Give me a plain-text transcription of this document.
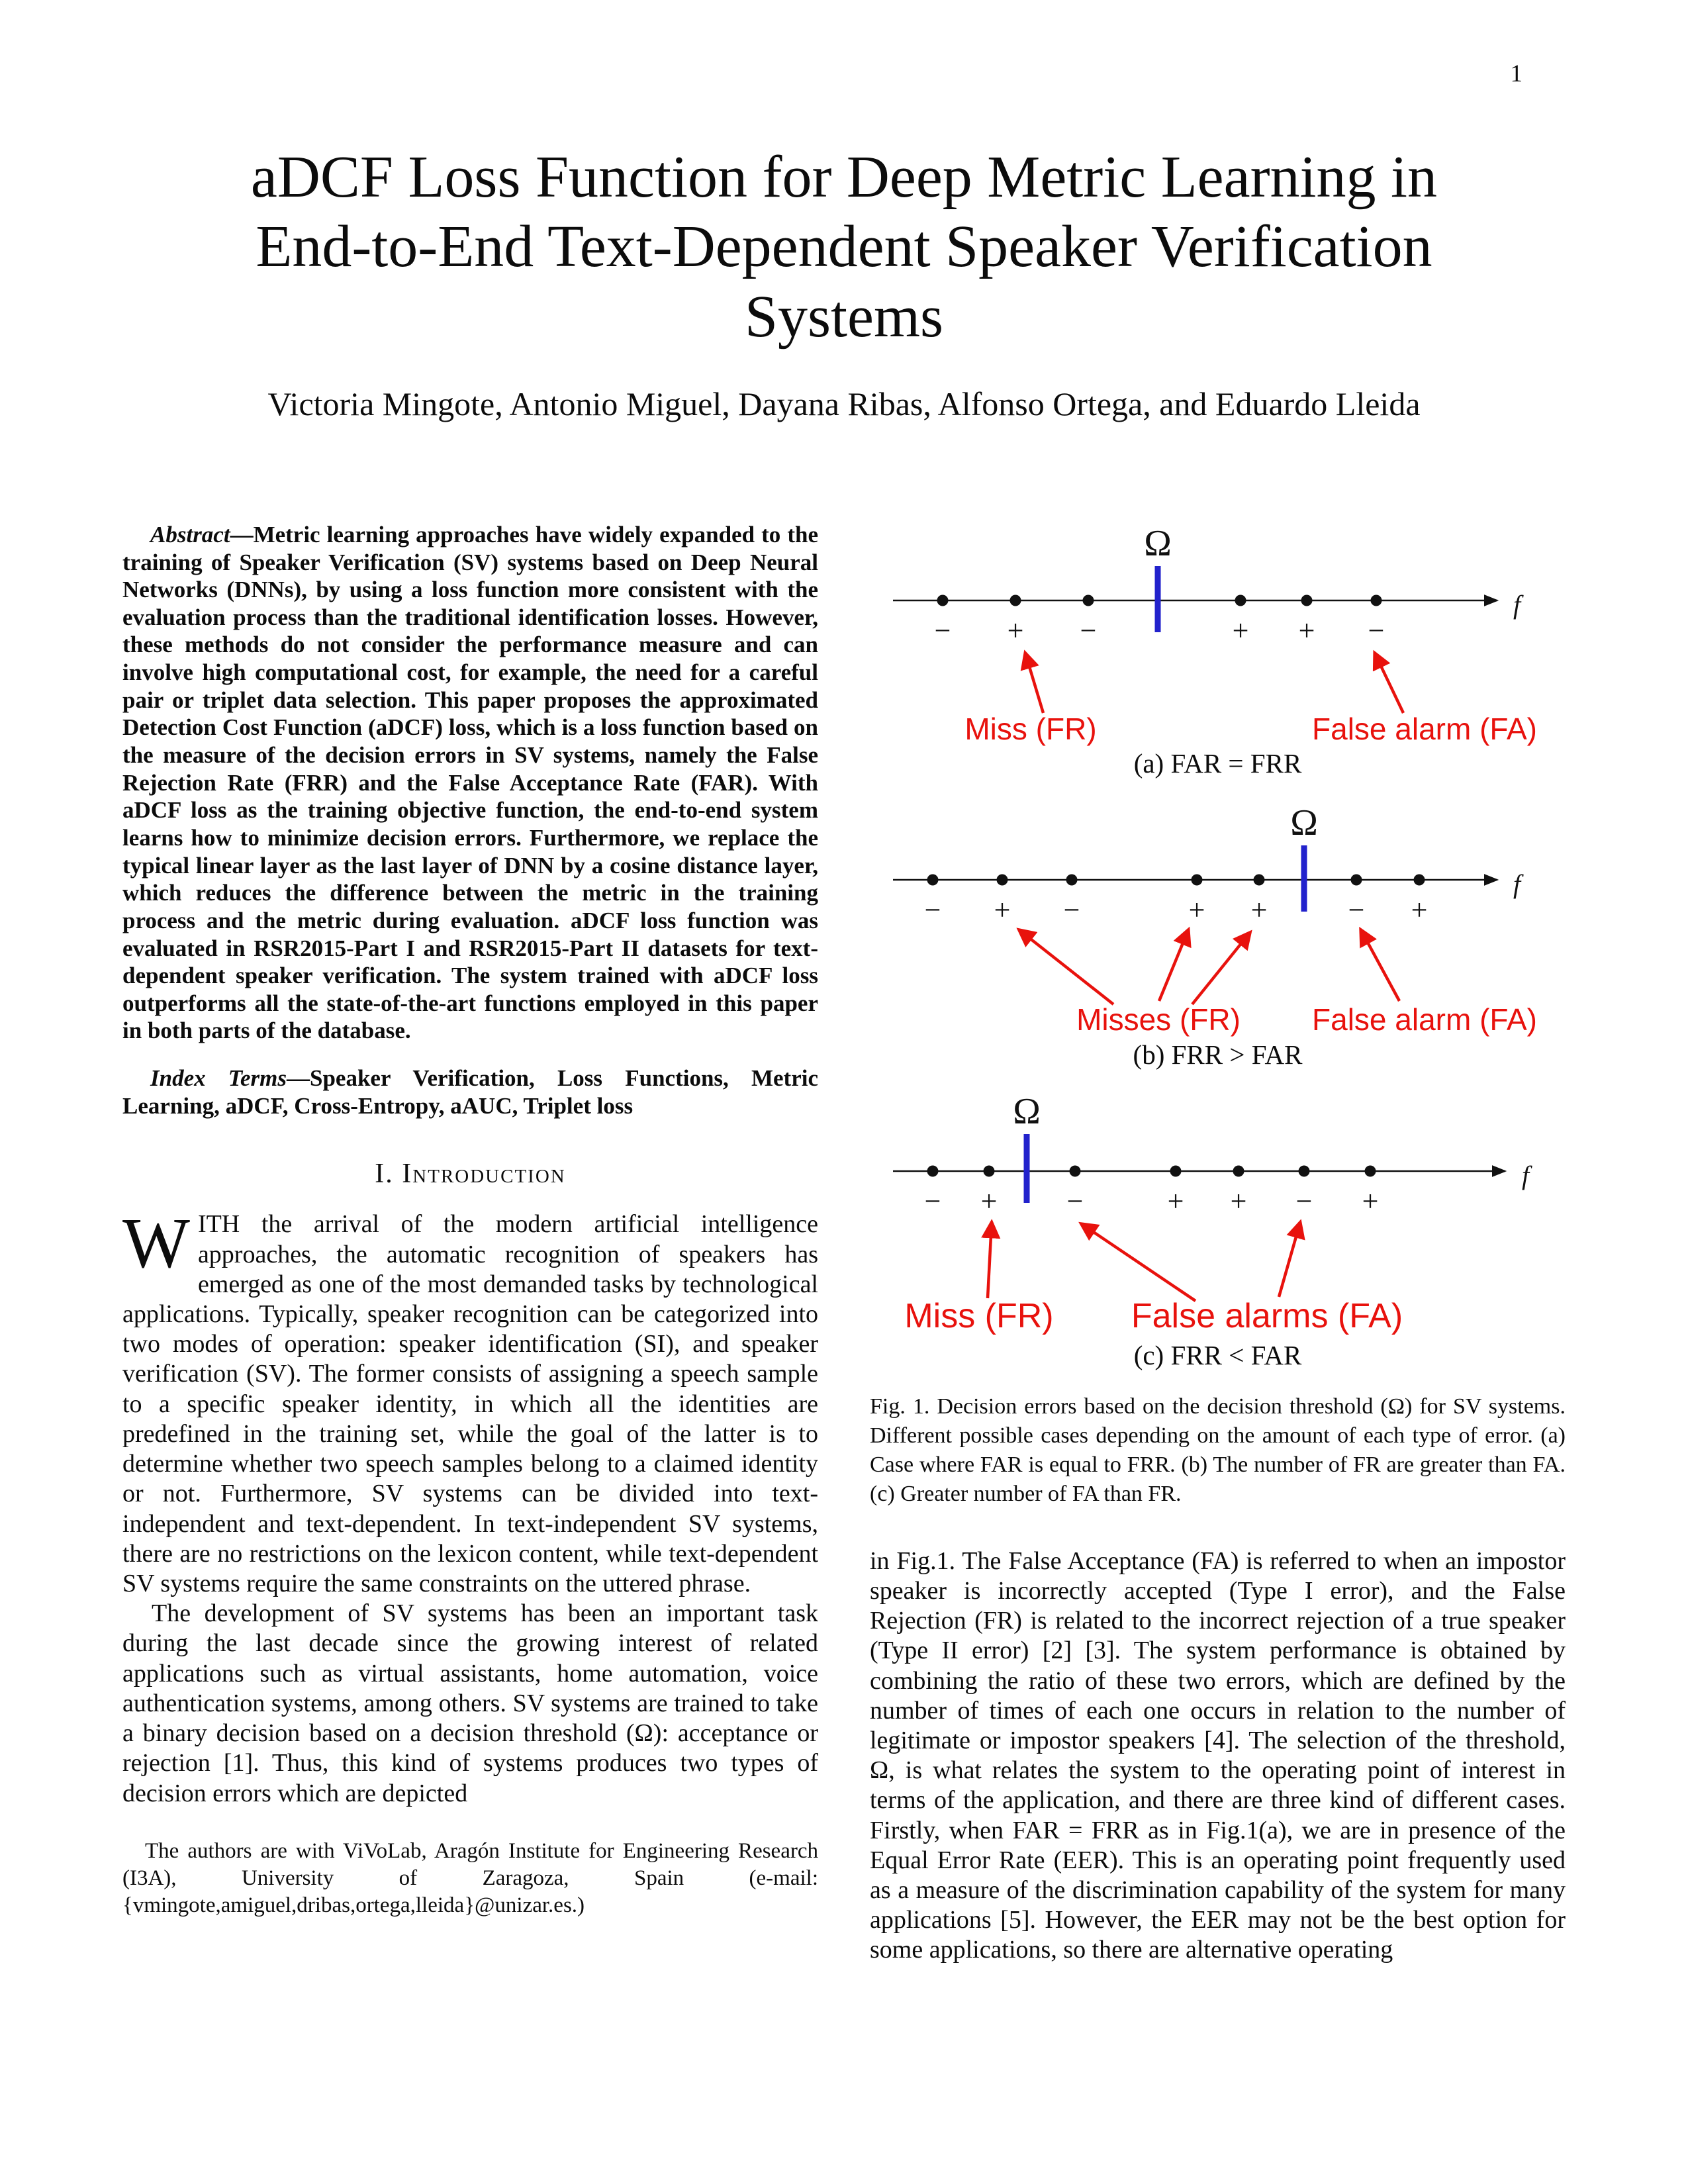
1
aDCF Loss Function for Deep Metric Learning in
End-to-End Text-Dependent Speaker Verification
Systems
Victoria Mingote, Antonio Miguel, Dayana Ribas, Alfonso Ortega, and Eduardo Lleida

Abstract—Metric learning approaches have widely expanded to the training of Speaker Verification (SV) systems based on Deep Neural Networks (DNNs), by using a loss function more consistent with the evaluation process than the traditional identification losses. However, these methods do not consider the performance measure and can involve high computational cost, for example, the need for a careful pair or triplet data selection. This paper proposes the approximated Detection Cost Function (aDCF) loss, which is a loss function based on the measure of the decision errors in SV systems, namely the False Rejection Rate (FRR) and the False Acceptance Rate (FAR). With aDCF loss as the training objective function, the end-to-end system learns how to minimize decision errors. Furthermore, we replace the typical linear layer as the last layer of DNN by a cosine distance layer, which reduces the difference between the metric in the training process and the metric during evaluation. aDCF loss function was evaluated in RSR2015-Part I and RSR2015-Part II datasets for text-dependent speaker verification. The system trained with aDCF loss outperforms all the state-of-the-art functions employed in this paper in both parts of the database.

Index Terms—Speaker Verification, Loss Functions, Metric Learning, aDCF, Cross-Entropy, aAUC, Triplet loss

I. Introduction

WITH the arrival of the modern artificial intelligence approaches, the automatic recognition of speakers has emerged as one of the most demanded tasks by technological applications. Typically, speaker recognition can be categorized into two modes of operation: speaker identification (SI), and speaker verification (SV). The former consists of assigning a speech sample to a specific speaker identity, in which all the identities are predefined in the training set, while the goal of the latter is to determine whether two speech samples belong to a claimed identity or not. Furthermore, SV systems can be divided into text-independent and text-dependent. In text-independent SV systems, there are no restrictions on the lexicon content, while text-dependent SV systems require the same constraints on the uttered phrase.

The development of SV systems has been an important task during the last decade since the growing interest of related applications such as virtual assistants, home automation, voice authentication systems, among others. SV systems are trained to take a binary decision based on a decision threshold (Ω): acceptance or rejection [1]. Thus, this kind of systems produces two types of decision errors which are depicted

The authors are with ViVoLab, Aragón Institute for Engineering Research (I3A), University of Zaragoza, Spain (e-mail: {vmingote,amiguel,dribas,ortega,lleida}@unizar.es.)

f
− + −	+ + −
Ω
Miss (FR)	False alarm (FA)
(a) FAR = FRR
f
− + −	+ +	− +
Ω
Misses (FR) False alarm (FA)
(b) FRR > FAR
f
− + −	+ + − +
Ω
Miss (FR) False alarms (FA)
(c) FRR < FAR

Fig. 1. Decision errors based on the decision threshold (Ω) for SV systems. Different possible cases depending on the amount of each type of error. (a) Case where FAR is equal to FRR. (b) The number of FR are greater than FA. (c) Greater number of FA than FR.

in Fig.1. The False Acceptance (FA) is referred to when an impostor speaker is incorrectly accepted (Type I error), and the False Rejection (FR) is related to the incorrect rejection of a true speaker (Type II error) [2] [3]. The system performance is obtained by combining the ratio of these two errors, which are defined by the number of times of each one occurs in relation to the number of legitimate or impostor speakers [4]. The selection of the threshold, Ω, is what relates the system to the operating point of interest in terms of the application, and there are three kind of different cases. Firstly, when FAR = FRR as in Fig.1(a), we are in presence of the Equal Error Rate (EER). This is an operating point frequently used as a measure of the discrimination capability of the system for many applications [5]. However, the EER may not be the best option for some applications, so there are alternative operating
